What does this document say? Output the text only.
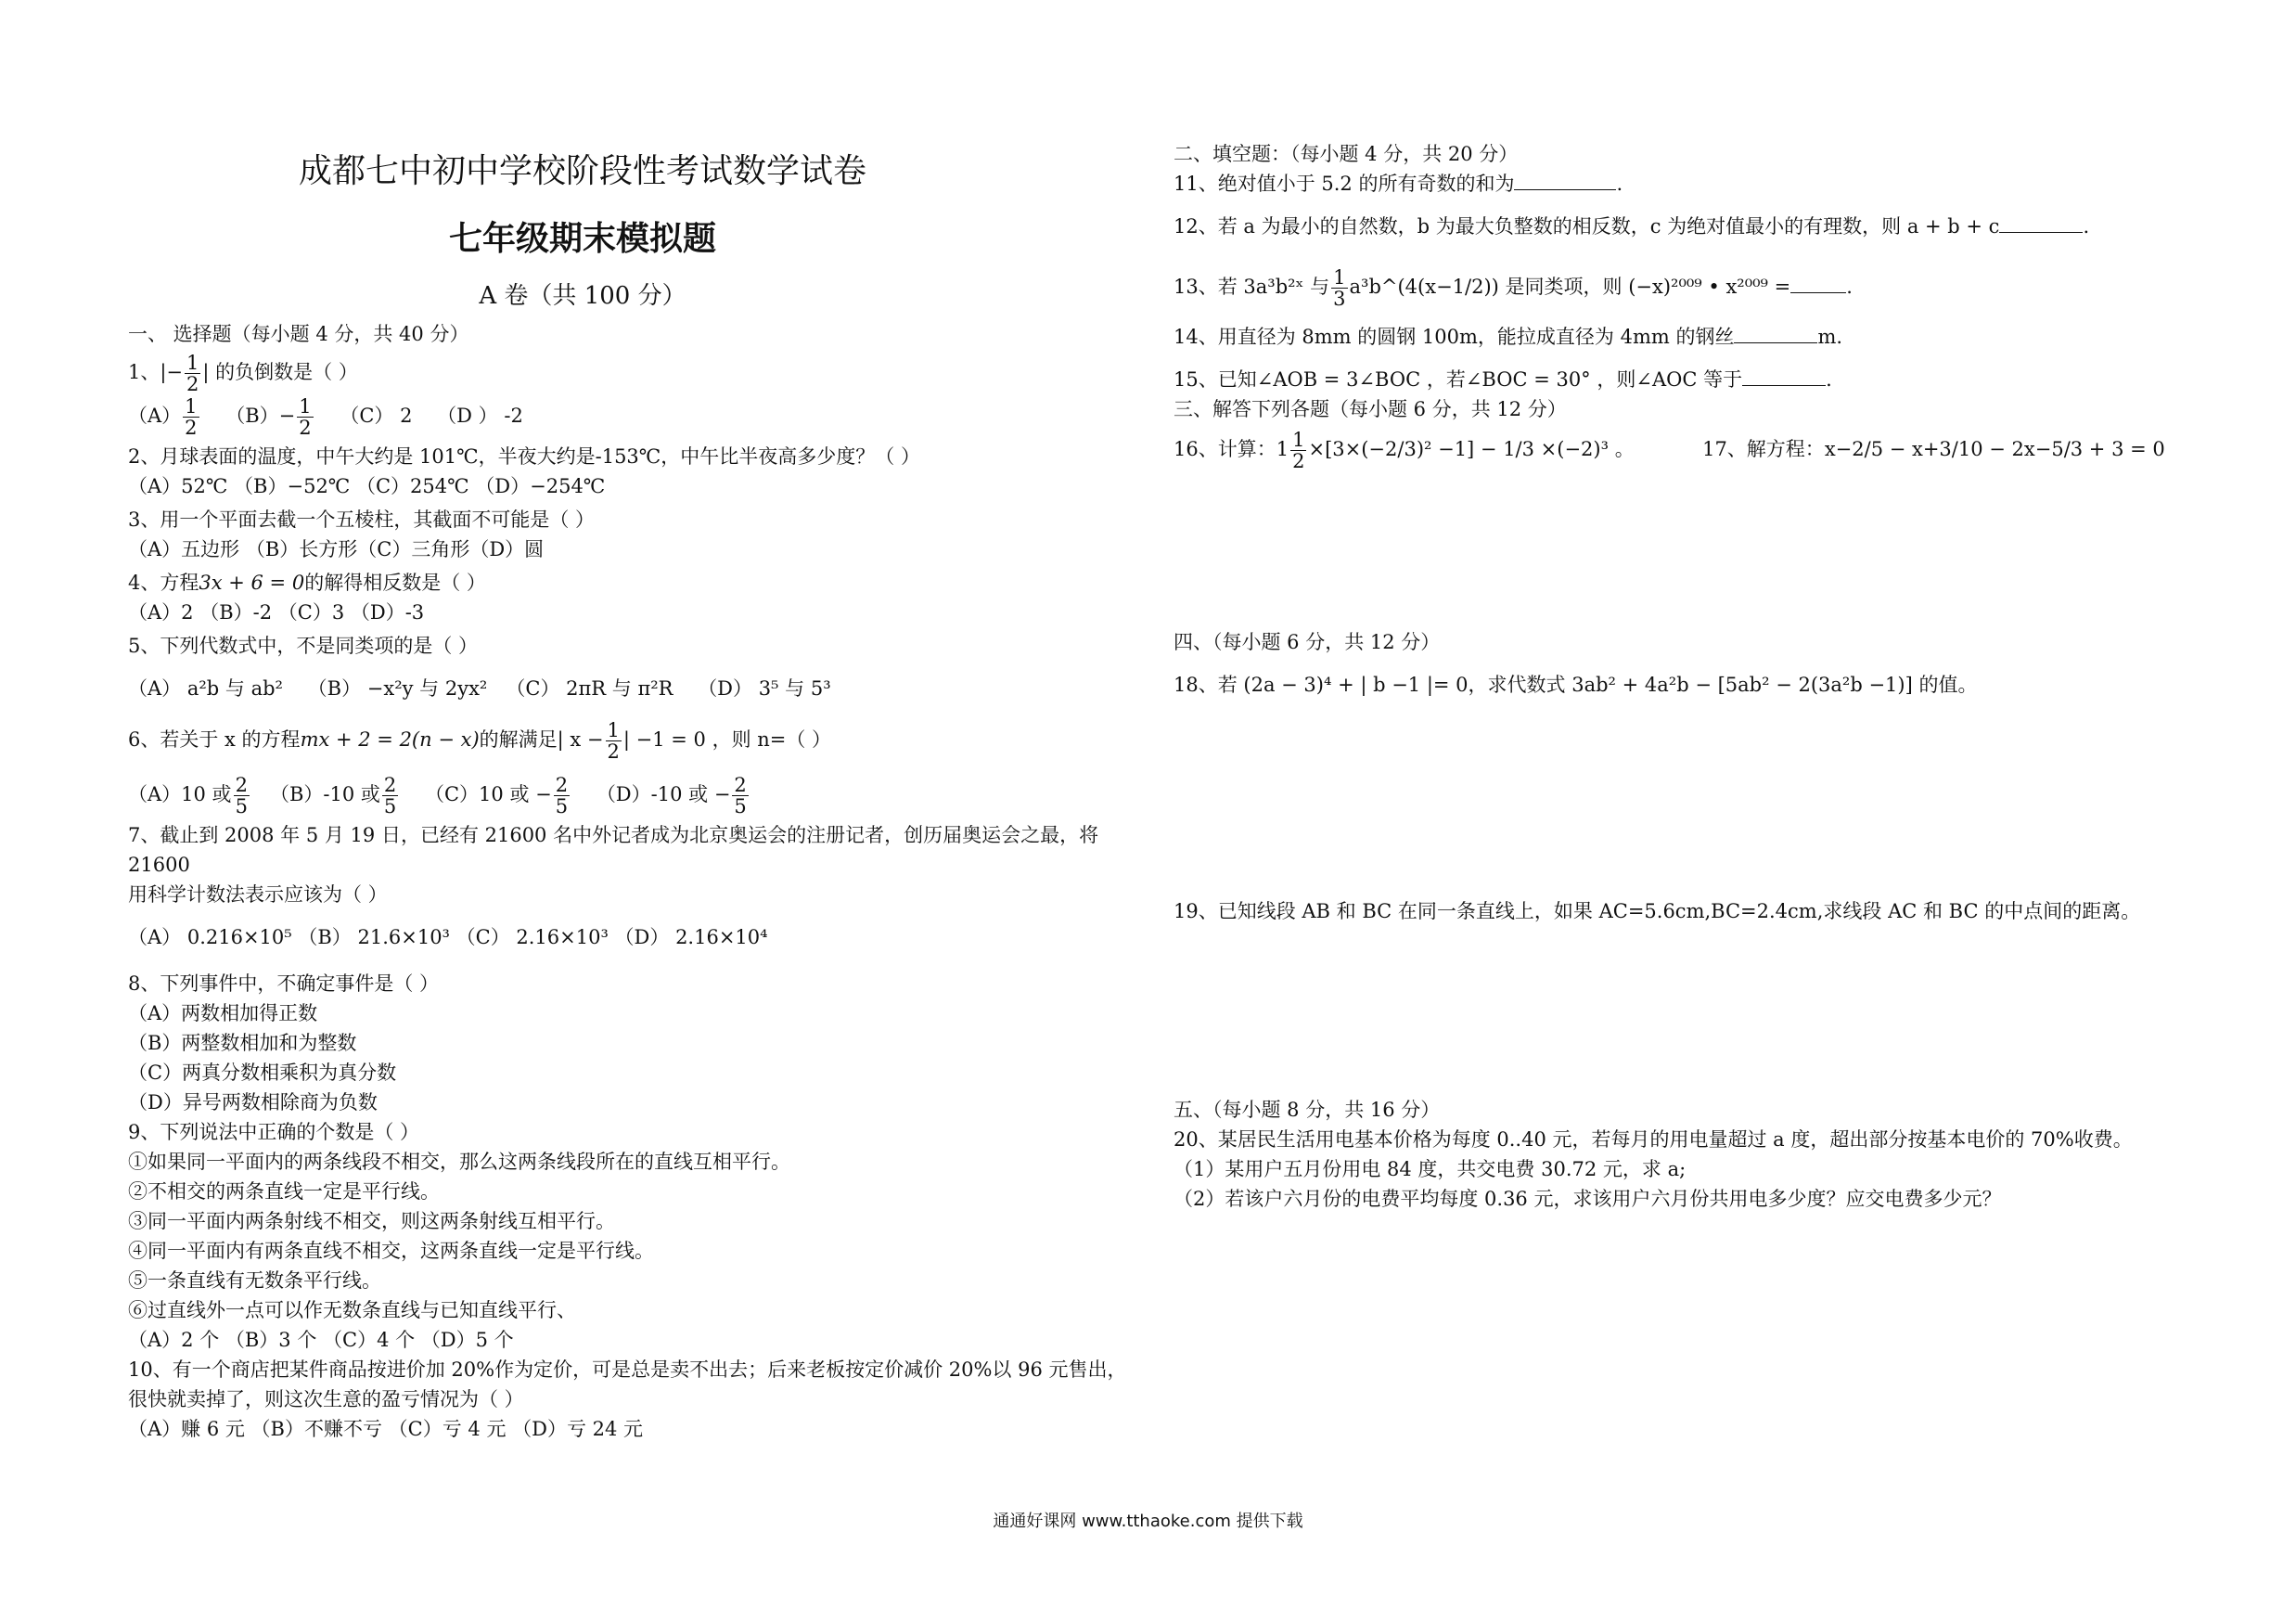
成都七中初中学校阶段性考试数学试卷
七年级期末模拟题
A 卷（共 100 分）
一、 选择题（每小题 4 分，共 40 分）
1、|− $\frac{1}{2}$ | 的负倒数是（ ）
$(A) \frac{1}{2} (B)- \frac{1}{2} (C)$ 2 （D ） -2
2、月球表面的温度，中午大约是 101℃，半夜大约是-153℃，中午比半夜高多少度？（ ）
（A）52℃ （B）−52℃ （C）254℃ （D）−254℃
3、用一个平面去截一个五棱柱，其截面不可能是（ ）
（A）五边形 （B）长方形（C）三角形（D）圆
4、方程3x + 6 = 0的解得相反数是（ ）
（A）2 （B）-2 （C）3 （D）-3
5、下列代数式中，不是同类项的是（ ）
（A） a²b 与 ab² （B） −x²y 与 2yx² （C） 2πR 与 π²R （D） 3⁵ 与 5³
6、若关于 x 的方程mx + 2 = 2(n − x)的解满足| $x - \frac{1}{2}$ | −1 = 0 ，则 n=（ ）
（A）10 或 $\frac{2}{5} (B)-10$ 或 $\frac{2}{5} (C)10$ 或 − $\frac{2}{5} (D)-10$ 或 − $\frac{2}{5}$
7、截止到 2008 年 5 月 19 日，已经有 21600 名中外记者成为北京奥运会的注册记者，创历届奥运会之最，将 21600
用科学计数法表示应该为（ ）
（A） 0.216×10⁵ （B） 21.6×10³ （C） 2.16×10³ （D） 2.16×10⁴
8、下列事件中，不确定事件是（ ）
（A）两数相加得正数
（B）两整数相加和为整数
（C）两真分数相乘积为真分数
（D）异号两数相除商为负数
9、下列说法中正确的个数是（ ）
①如果同一平面内的两条线段不相交，那么这两条线段所在的直线互相平行。
②不相交的两条直线一定是平行线。
③同一平面内两条射线不相交，则这两条射线互相平行。
④同一平面内有两条直线不相交，这两条直线一定是平行线。
⑤一条直线有无数条平行线。
⑥过直线外一点可以作无数条直线与已知直线平行、
（A）2 个 （B）3 个 （C）4 个 （D）5 个
10、有一个商店把某件商品按进价加 20%作为定价，可是总是卖不出去；后来老板按定价减价 20%以 96 元售出，
很快就卖掉了，则这次生意的盈亏情况为（ ）
（A）赚 6 元 （B）不赚不亏 （C）亏 4 元 （D）亏 24 元
二、填空题：（每小题 4 分，共 20 分）
11、绝对值小于 5.2 的所有奇数的和为	.
12、若 a 为最小的自然数，b 为最大负整数的相反数，c 为绝对值最小的有理数，则 a + b + c	.
13、若 3a³b²ˣ 与 $\frac{1}{3}$ a³b^(4(x−1/2)) 是同类项，则 (−x)²⁰⁰⁹ • x²⁰⁰⁹ =	.
14、用直径为 8mm 的圆钢 100m，能拉成直径为 4mm 的钢丝	m.
15、已知∠AOB = 3∠BOC ，若∠BOC = 30° ，则∠AOC 等于	.
三、解答下列各题（每小题 6 分，共 12 分）
16、计算：$1 \frac{1}{2} \times[3\times(-2/3)^2 -1] - 1/3 \times(-2)^3$ 。	17、解方程：x−2/5 − x+3/10 − 2x−5/3 + 3 = 0
四、（每小题 6 分，共 12 分）
18、若 (2a − 3)⁴ + | b −1 |= 0，求代数式 3ab² + 4a²b − [5ab² − 2(3a²b −1)] 的值。
19、已知线段 AB 和 BC 在同一条直线上，如果 AC=5.6cm,BC=2.4cm,求线段 AC 和 BC 的中点间的距离。
五、（每小题 8 分，共 16 分）
20、某居民生活用电基本价格为每度 0..40 元，若每月的用电量超过 a 度，超出部分按基本电价的 70%收费。
（1）某用户五月份用电 84 度，共交电费 30.72 元，求 a;
（2）若该户六月份的电费平均每度 0.36 元，求该用户六月份共用电多少度？应交电费多少元？
通通好课网 www.tthaoke.com 提供下载
